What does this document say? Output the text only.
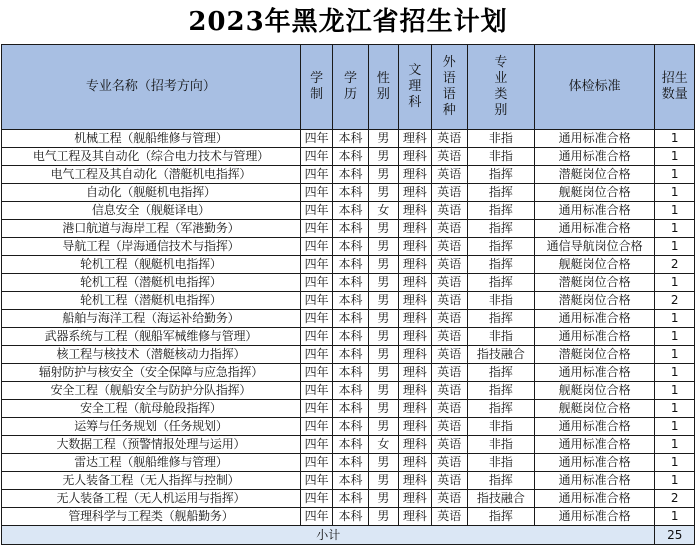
2023年黑龙江省招生计划
专业名称（招考方向）	学制	学历	性别	文理科	外语语种	专业类别	体检标准	招生数量
机械工程（舰船维修与管理）	四年	本科	男	理科	英语	非指	通用标准合格	1
电气工程及其自动化（综合电力技术与管理）	四年	本科	男	理科	英语	非指	通用标准合格	1
电气工程及其自动化（潜艇机电指挥）	四年	本科	男	理科	英语	指挥	潜艇岗位合格	1
自动化（舰艇机电指挥）	四年	本科	男	理科	英语	指挥	舰艇岗位合格	1
信息安全（舰艇译电）	四年	本科	女	理科	英语	指挥	通用标准合格	1
港口航道与海岸工程（军港勤务）	四年	本科	男	理科	英语	指挥	通用标准合格	1
导航工程（岸海通信技术与指挥）	四年	本科	男	理科	英语	指挥	通信导航岗位合格	1
轮机工程（舰艇机电指挥）	四年	本科	男	理科	英语	指挥	舰艇岗位合格	2
轮机工程（潜艇机电指挥）	四年	本科	男	理科	英语	指挥	潜艇岗位合格	1
轮机工程（潜艇机电指挥）	四年	本科	男	理科	英语	非指	潜艇岗位合格	2
船舶与海洋工程（海运补给勤务）	四年	本科	男	理科	英语	指挥	通用标准合格	1
武器系统与工程（舰船军械维修与管理）	四年	本科	男	理科	英语	非指	通用标准合格	1
核工程与核技术（潜艇核动力指挥）	四年	本科	男	理科	英语	指技融合	潜艇岗位合格	1
辐射防护与核安全（安全保障与应急指挥）	四年	本科	男	理科	英语	指挥	通用标准合格	1
安全工程（舰船安全与防护分队指挥）	四年	本科	男	理科	英语	指挥	舰艇岗位合格	1
安全工程（航母舱段指挥）	四年	本科	男	理科	英语	指挥	舰艇岗位合格	1
运筹与任务规划（任务规划）	四年	本科	男	理科	英语	非指	通用标准合格	1
大数据工程（预警情报处理与运用）	四年	本科	女	理科	英语	非指	通用标准合格	1
雷达工程（舰船维修与管理）	四年	本科	男	理科	英语	非指	通用标准合格	1
无人装备工程（无人指挥与控制）	四年	本科	男	理科	英语	指挥	通用标准合格	1
无人装备工程（无人机运用与指挥）	四年	本科	男	理科	英语	指技融合	通用标准合格	2
管理科学与工程类（舰船勤务）	四年	本科	男	理科	英语	指挥	通用标准合格	1
小计								25
